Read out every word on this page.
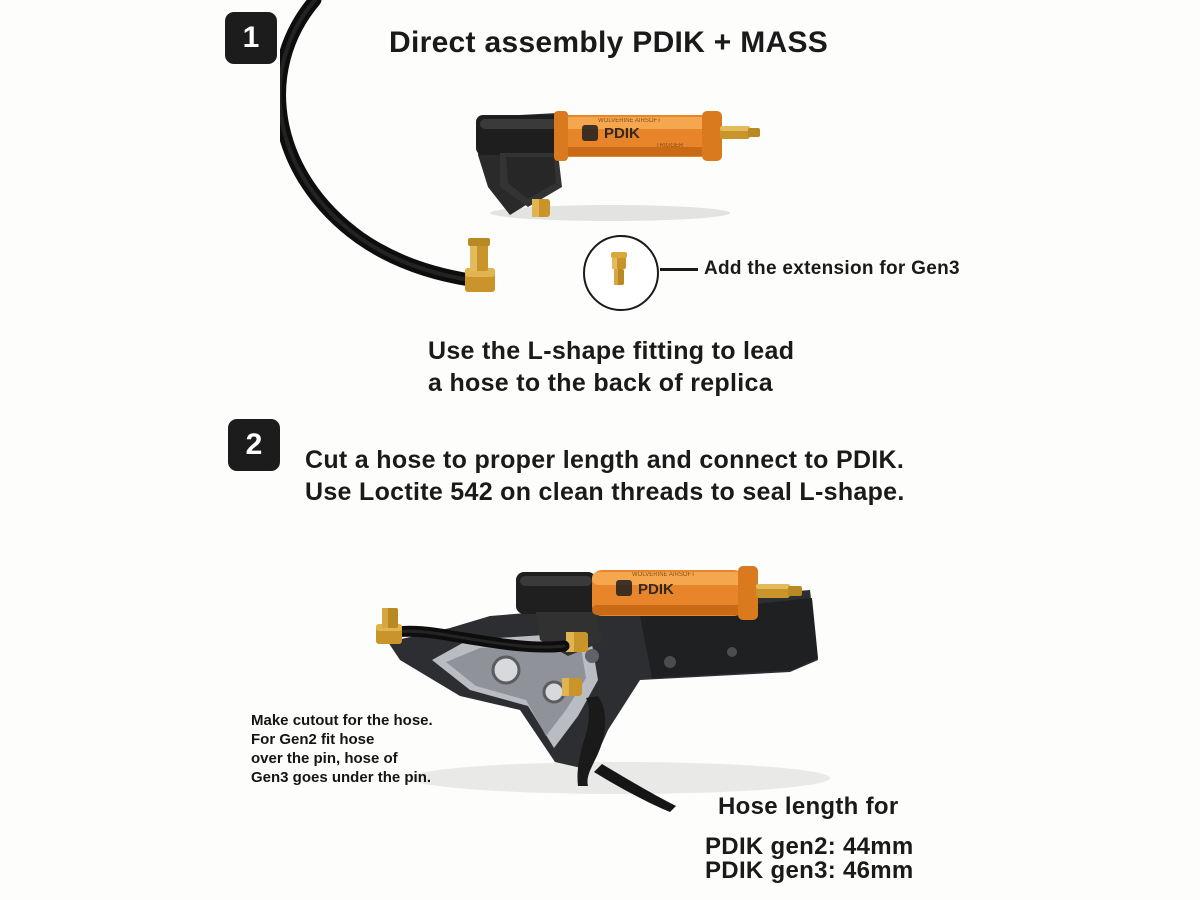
1	Direct assembly PDIK + MASS
PDIK
WOLVERINE AIRSOFT
TRIGGER
Add the extension for Gen3
Use the L-shape fitting to lead
a hose to the back of replica
2 Cut a hose to proper length and connect to PDIK.
Use Loctite 542 on clean threads to seal L-shape.
PDIK
WOLVERINE AIRSOFT
Make cutout for the hose.
For Gen2 fit hose
over the pin, hose of
Gen3 goes under the pin.
Hose length for
PDIK gen2: 44mm
PDIK gen3: 46mm
